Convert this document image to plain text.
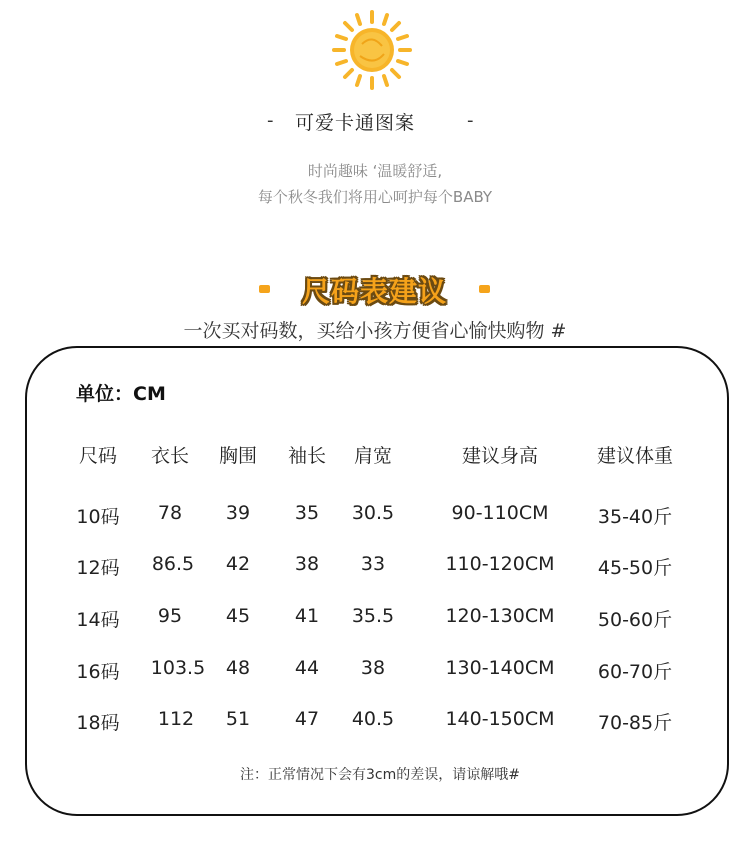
- 可爱卡通图案	-
时尚趣味 ‘温暖舒适,
每个秋冬我们将用心呵护每个BABY
尺码表建议
一次买对码数，买给小孩方便省心愉快购物 #
单位：CM
尺码	衣长	胸围	袖长	肩宽	建议身高	建议体重
10码	78	39	35	30.5	90-110CM	35-40斤
12码	86.5	42	38	33	110-120CM	45-50斤
14码	95	45	41	35.5	120-130CM	50-60斤
16码	103.5	48	44	38	130-140CM	60-70斤
18码	112	51	47	40.5	140-150CM	70-85斤
注：正常情况下会有3cm的差误，请谅解哦#
